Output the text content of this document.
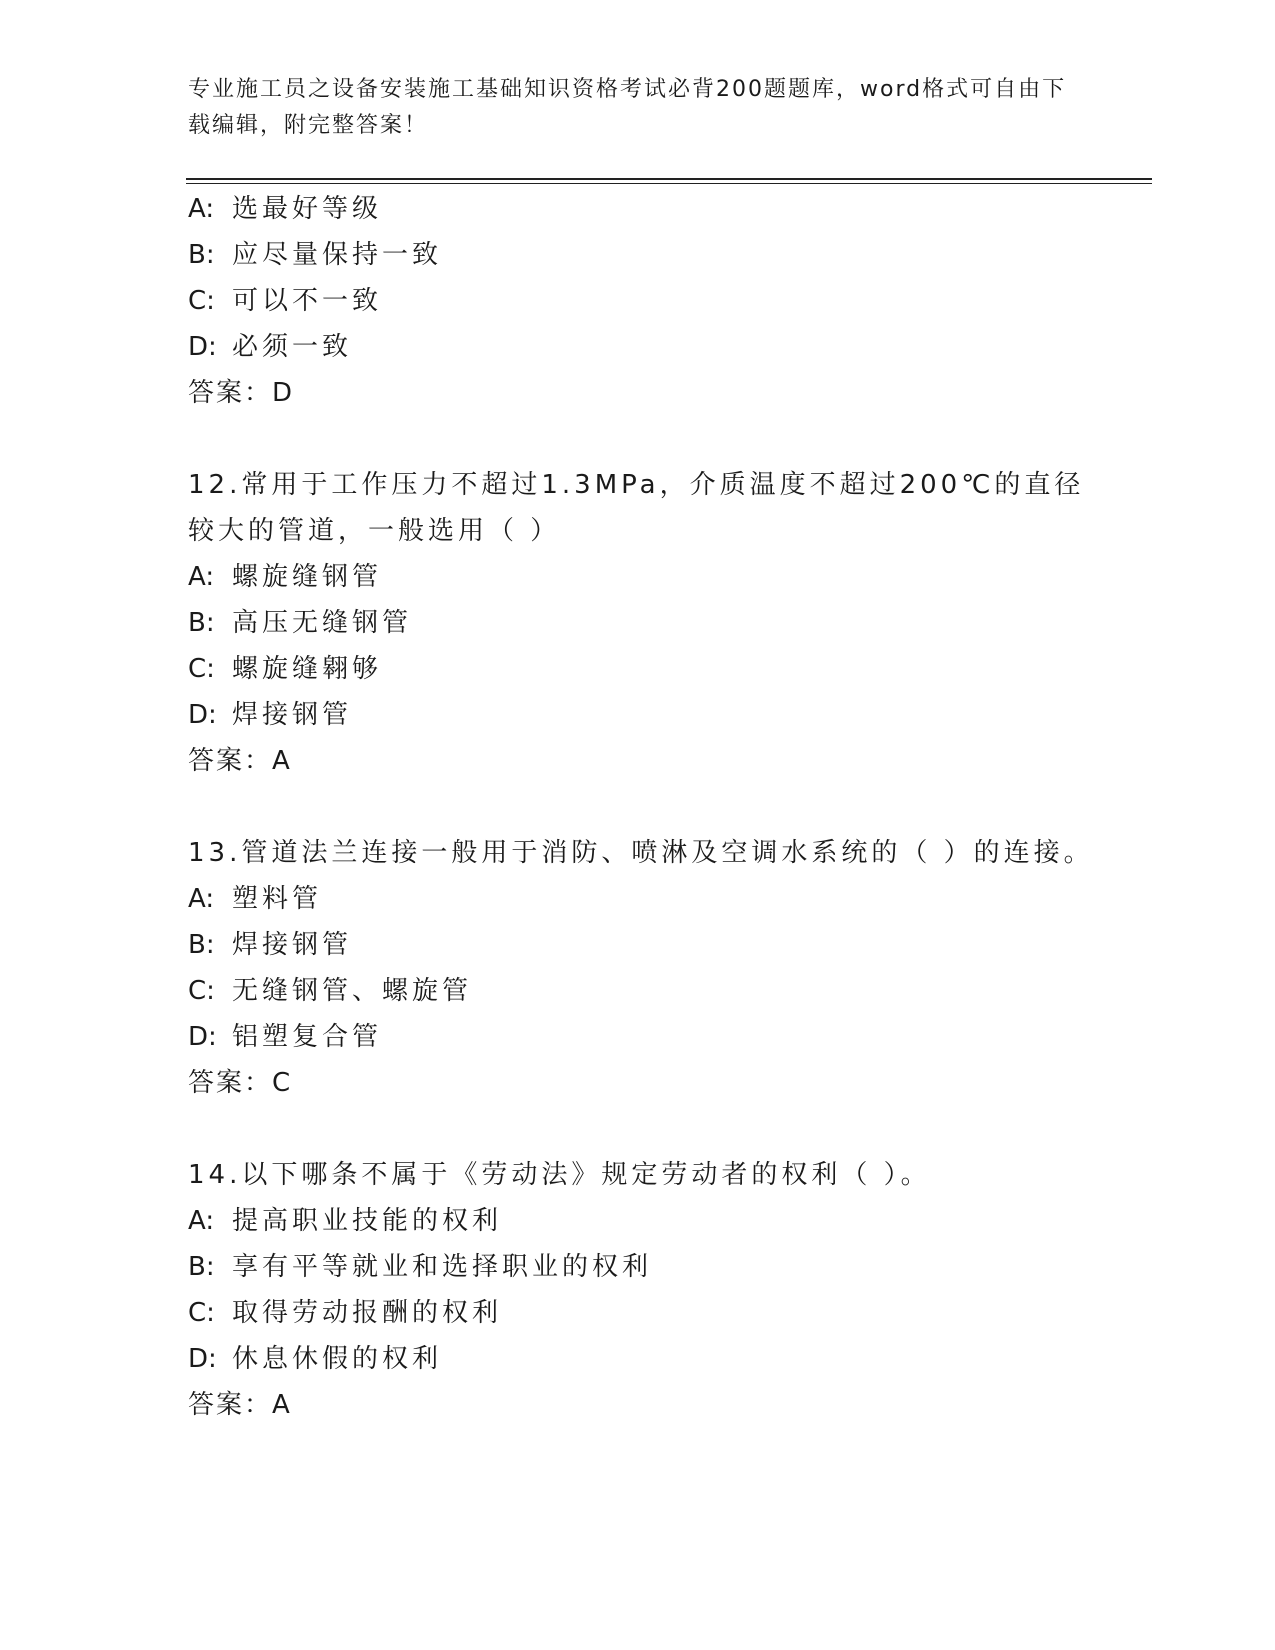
专业施工员之设备安装施工基础知识资格考试必背200题题库，word格式可自由下载编辑，附完整答案！
A: 选最好等级
B: 应尽量保持一致
C: 可以不一致
D: 必须一致
答案：D
12.常用于工作压力不超过1.3MPa，介质温度不超过200℃的直径较大的管道，一般选用（ ）
A: 螺旋缝钢管
B: 高压无缝钢管
C: 螺旋缝翱够
D: 焊接钢管
答案：A
13.管道法兰连接一般用于消防、喷淋及空调水系统的（ ）的连接。
A: 塑料管
B: 焊接钢管
C: 无缝钢管、螺旋管
D: 铝塑复合管
答案：C
14.以下哪条不属于《劳动法》规定劳动者的权利（ ）。
A: 提高职业技能的权利
B: 享有平等就业和选择职业的权利
C: 取得劳动报酬的权利
D: 休息休假的权利
答案：A
